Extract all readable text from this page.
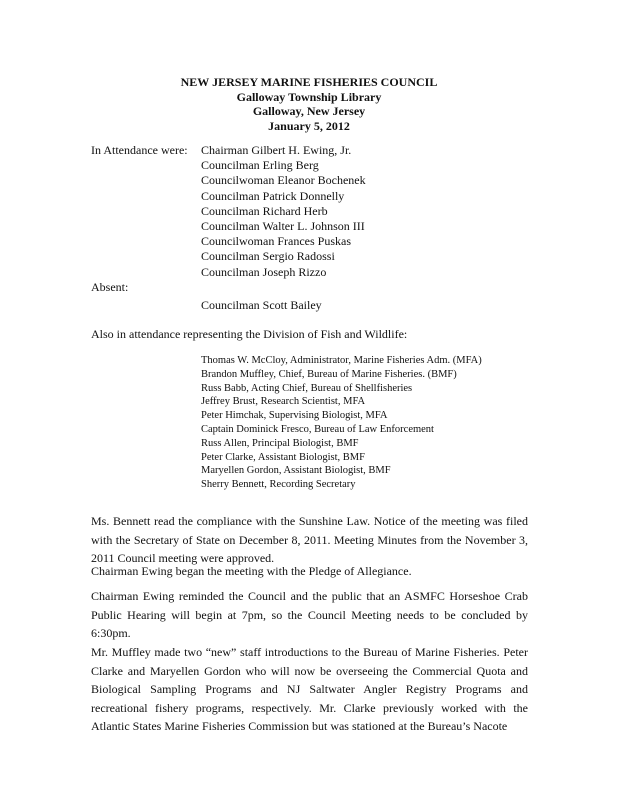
NEW JERSEY MARINE FISHERIES COUNCIL
Galloway Township Library
Galloway, New Jersey
January 5, 2012
In Attendance were: Chairman Gilbert H. Ewing, Jr.
Councilman Erling Berg
Councilwoman Eleanor Bochenek
Councilman Patrick Donnelly
Councilman Richard Herb
Councilman Walter L. Johnson III
Councilwoman Frances Puskas
Councilman Sergio Radossi
Councilman Joseph Rizzo
Absent:
Councilman Scott Bailey
Also in attendance representing the Division of Fish and Wildlife:
Thomas W. McCloy, Administrator, Marine Fisheries Adm. (MFA)
Brandon Muffley, Chief, Bureau of Marine Fisheries. (BMF)
Russ Babb, Acting Chief, Bureau of Shellfisheries
Jeffrey Brust, Research Scientist, MFA
Peter Himchak, Supervising Biologist, MFA
Captain Dominick Fresco, Bureau of Law Enforcement
Russ Allen, Principal Biologist, BMF
Peter Clarke, Assistant Biologist, BMF
Maryellen Gordon, Assistant Biologist, BMF
Sherry Bennett, Recording Secretary
Ms. Bennett read the compliance with the Sunshine Law. Notice of the meeting was filed with the Secretary of State on December 8, 2011. Meeting Minutes from the November 3, 2011 Council meeting were approved.
Chairman Ewing began the meeting with the Pledge of Allegiance.
Chairman Ewing reminded the Council and the public that an ASMFC Horseshoe Crab Public Hearing will begin at 7pm, so the Council Meeting needs to be concluded by 6:30pm.
Mr. Muffley made two “new” staff introductions to the Bureau of Marine Fisheries. Peter Clarke and Maryellen Gordon who will now be overseeing the Commercial Quota and Biological Sampling Programs and NJ Saltwater Angler Registry Programs and recreational fishery programs, respectively. Mr. Clarke previously worked with the Atlantic States Marine Fisheries Commission but was stationed at the Bureau’s Nacote
